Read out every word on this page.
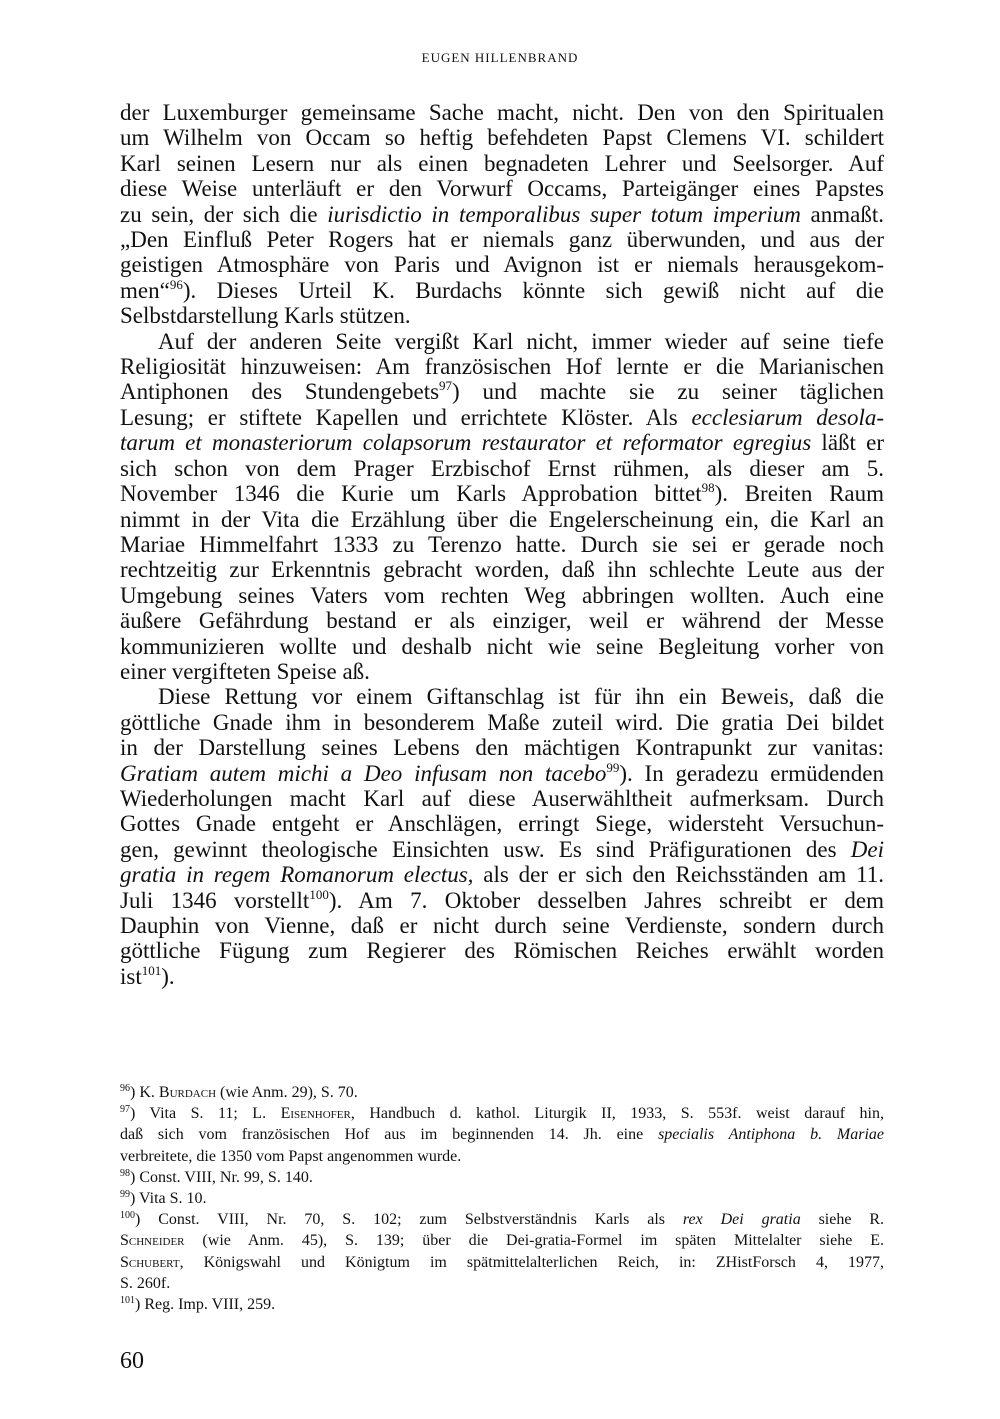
EUGEN HILLENBRAND
der Luxemburger gemeinsame Sache macht, nicht. Den von den Spiritualen
um Wilhelm von Occam so heftig befehdeten Papst Clemens VI. schildert
Karl seinen Lesern nur als einen begnadeten Lehrer und Seelsorger. Auf
diese Weise unterläuft er den Vorwurf Occams, Parteigänger eines Papstes
zu sein, der sich die iurisdictio in temporalibus super totum imperium anmaßt.
„Den Einfluß Peter Rogers hat er niemals ganz überwunden, und aus der
geistigen Atmosphäre von Paris und Avignon ist er niemals herausgekom-
men“$^{96}$). Dieses Urteil K. Burdachs könnte sich gewiß nicht auf die
Selbstdarstellung Karls stützen.
Auf der anderen Seite vergißt Karl nicht, immer wieder auf seine tiefe
Religiosität hinzuweisen: Am französischen Hof lernte er die Marianischen
Antiphonen des Stundengebets$^{97}$) und machte sie zu seiner täglichen
Lesung; er stiftete Kapellen und errichtete Klöster. Als ecclesiarum desola-
tarum et monasteriorum colapsorum restaurator et reformator egregius läßt er
sich schon von dem Prager Erzbischof Ernst rühmen, als dieser am 5.
November 1346 die Kurie um Karls Approbation bittet$^{98}$). Breiten Raum
nimmt in der Vita die Erzählung über die Engelerscheinung ein, die Karl an
Mariae Himmelfahrt 1333 zu Terenzo hatte. Durch sie sei er gerade noch
rechtzeitig zur Erkenntnis gebracht worden, daß ihn schlechte Leute aus der
Umgebung seines Vaters vom rechten Weg abbringen wollten. Auch eine
äußere Gefährdung bestand er als einziger, weil er während der Messe
kommunizieren wollte und deshalb nicht wie seine Begleitung vorher von
einer vergifteten Speise aß.
Diese Rettung vor einem Giftanschlag ist für ihn ein Beweis, daß die
göttliche Gnade ihm in besonderem Maße zuteil wird. Die gratia Dei bildet
in der Darstellung seines Lebens den mächtigen Kontrapunkt zur vanitas:
Gratiam autem michi a Deo infusam non tacebo$^{99}$). In geradezu ermüdenden
Wiederholungen macht Karl auf diese Auserwähltheit aufmerksam. Durch
Gottes Gnade entgeht er Anschlägen, erringt Siege, widersteht Versuchun-
gen, gewinnt theologische Einsichten usw. Es sind Präfigurationen des Dei
gratia in regem Romanorum electus, als der er sich den Reichsständen am 11.
Juli 1346 vorstellt$^{100}$). Am 7. Oktober desselben Jahres schreibt er dem
Dauphin von Vienne, daß er nicht durch seine Verdienste, sondern durch
göttliche Fügung zum Regierer des Römischen Reiches erwählt worden
ist$^{101}$).
$^{96}$) K. Burdach (wie Anm. 29), S. 70.
$^{97}$) Vita S. 11; L. Eisenhofer, Handbuch d. kathol. Liturgik II, 1933, S. 553f. weist darauf hin,
daß sich vom französischen Hof aus im beginnenden 14. Jh. eine specialis Antiphona b. Mariae
verbreitete, die 1350 vom Papst angenommen wurde.
$^{98}$) Const. VIII, Nr. 99, S. 140.
$^{99}$) Vita S. 10.
$^{100}$) Const. VIII, Nr. 70, S. 102; zum Selbstverständnis Karls als rex Dei gratia siehe R.
Schneider (wie Anm. 45), S. 139; über die Dei-gratia-Formel im späten Mittelalter siehe E.
Schubert, Königswahl und Königtum im spätmittelalterlichen Reich, in: ZHistForsch 4, 1977,
S. 260f.
$^{101}$) Reg. Imp. VIII, 259.
60
